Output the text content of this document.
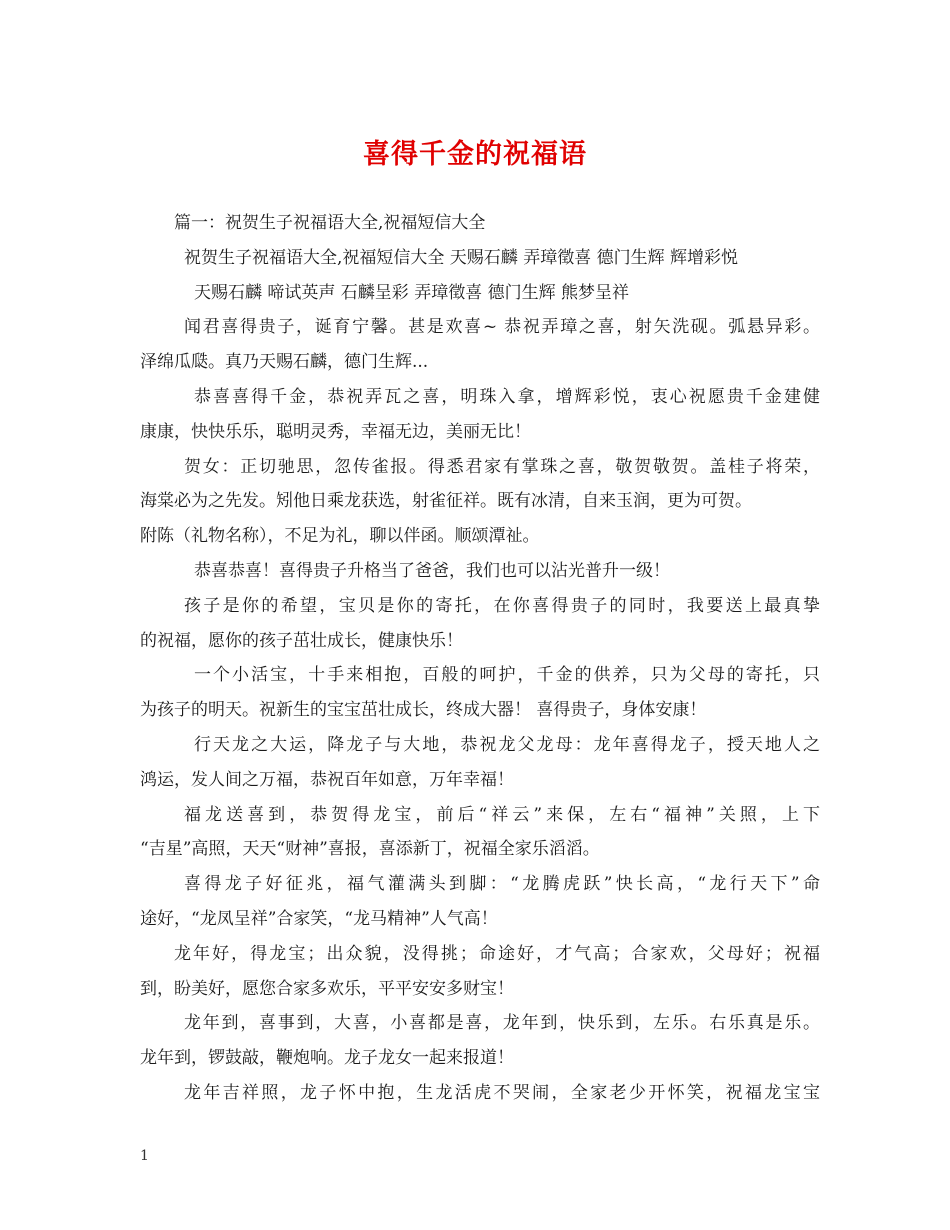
喜得千金的祝福语
篇一：祝贺生子祝福语大全,祝福短信大全
祝贺生子祝福语大全,祝福短信大全 天赐石麟 弄璋徵喜 德门生辉 辉增彩悦
天赐石麟 啼试英声 石麟呈彩 弄璋徵喜 德门生辉 熊梦呈祥
闻君喜得贵子，诞育宁馨。甚是欢喜~ 恭祝弄璋之喜，射矢洗砚。弧悬异彩。
泽绵瓜瓞。真乃天赐石麟，德门生辉...
恭喜喜得千金，恭祝弄瓦之喜，明珠入拿，增辉彩悦，衷心祝愿贵千金建健
康康，快快乐乐，聪明灵秀，幸福无边，美丽无比！
贺女：正切驰思，忽传雀报。得悉君家有掌珠之喜，敬贺敬贺。盖桂子将荣，
海棠必为之先发。矧他日乘龙获选，射雀征祥。既有冰清，自来玉润，更为可贺。
附陈（礼物名称），不足为礼，聊以伴函。顺颂潭祉。
恭喜恭喜！喜得贵子升格当了爸爸，我们也可以沾光普升一级！
孩子是你的希望，宝贝是你的寄托，在你喜得贵子的同时，我要送上最真挚
的祝福，愿你的孩子茁壮成长，健康快乐！
一个小活宝，十手来相抱，百般的呵护，千金的供养，只为父母的寄托，只
为孩子的明天。祝新生的宝宝茁壮成长，终成大器！ 喜得贵子，身体安康！
行天龙之大运，降龙子与大地，恭祝龙父龙母：龙年喜得龙子，授天地人之
鸿运，发人间之万福，恭祝百年如意，万年幸福！
福龙送喜到，恭贺得龙宝，前后“祥云”来保，左右“福神”关照，上下
“吉星”高照，天天“财神”喜报，喜添新丁，祝福全家乐滔滔。
喜得龙子好征兆，福气灌满头到脚：“龙腾虎跃”快长高，“龙行天下”命
途好，“龙凤呈祥”合家笑，“龙马精神”人气高！
龙年好，得龙宝；出众貌，没得挑；命途好，才气高；合家欢，父母好；祝福
到，盼美好，愿您合家多欢乐，平平安安多财宝！
龙年到，喜事到，大喜，小喜都是喜，龙年到，快乐到，左乐。右乐真是乐。
龙年到，锣鼓敲，鞭炮响。龙子龙女一起来报道！
龙年吉祥照，龙子怀中抱，生龙活虎不哭闹，全家老少开怀笑，祝福龙宝宝
1
